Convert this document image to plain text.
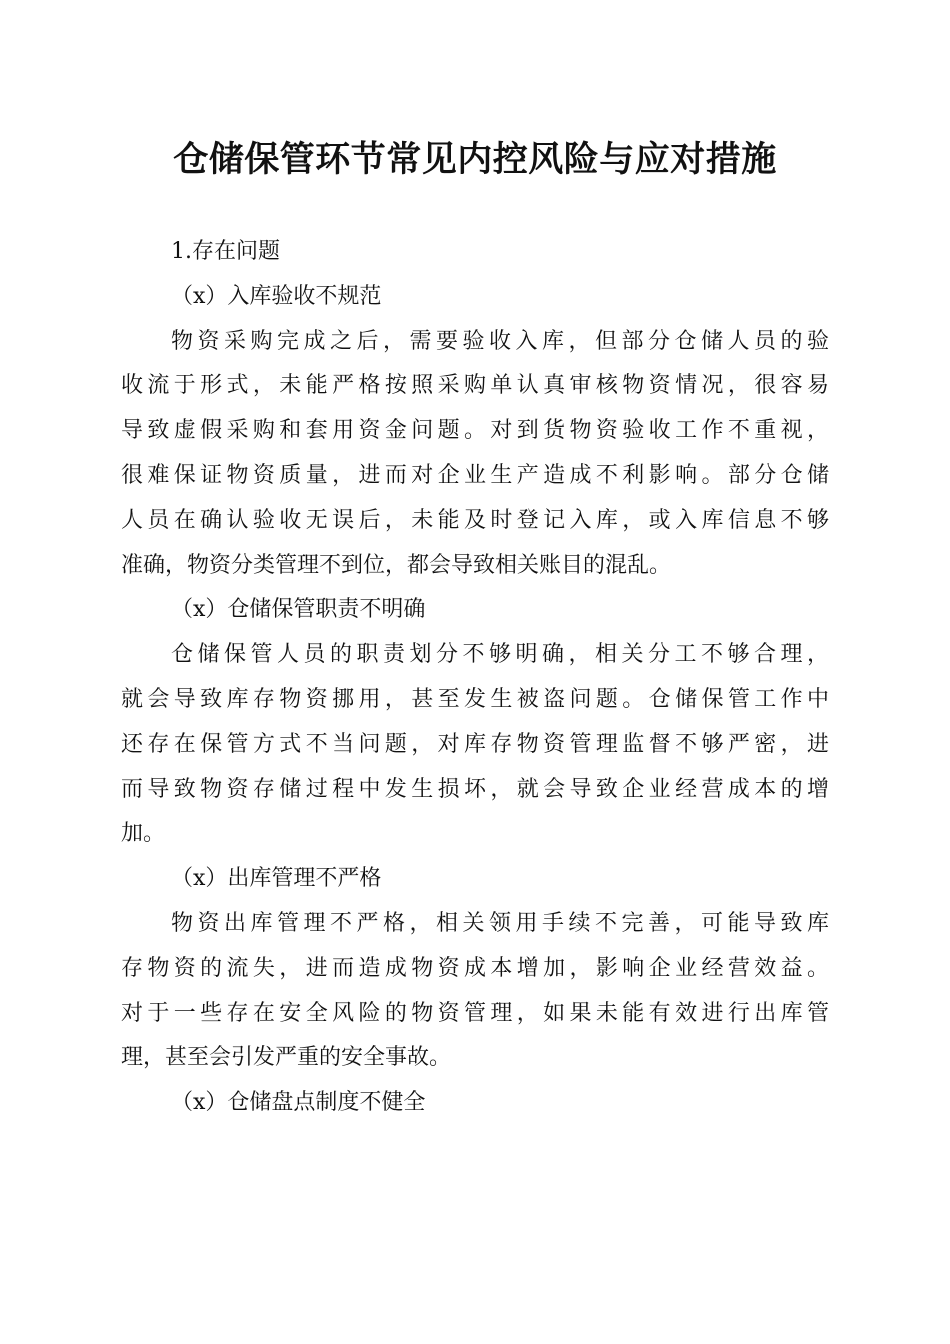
仓储保管环节常见内控风险与应对措施
1.存在问题
（x）入库验收不规范
物资采购完成之后，需要验收入库，但部分仓储人员的验
收流于形式，未能严格按照采购单认真审核物资情况，很容易
导致虚假采购和套用资金问题。对到货物资验收工作不重视，
很难保证物资质量，进而对企业生产造成不利影响。部分仓储
人员在确认验收无误后，未能及时登记入库，或入库信息不够
准确，物资分类管理不到位，都会导致相关账目的混乱。
（x）仓储保管职责不明确
仓储保管人员的职责划分不够明确，相关分工不够合理，
就会导致库存物资挪用，甚至发生被盗问题。仓储保管工作中
还存在保管方式不当问题，对库存物资管理监督不够严密，进
而导致物资存储过程中发生损坏，就会导致企业经营成本的增
加。
（x）出库管理不严格
物资出库管理不严格，相关领用手续不完善，可能导致库
存物资的流失，进而造成物资成本增加，影响企业经营效益。
对于一些存在安全风险的物资管理，如果未能有效进行出库管
理，甚至会引发严重的安全事故。
（x）仓储盘点制度不健全
